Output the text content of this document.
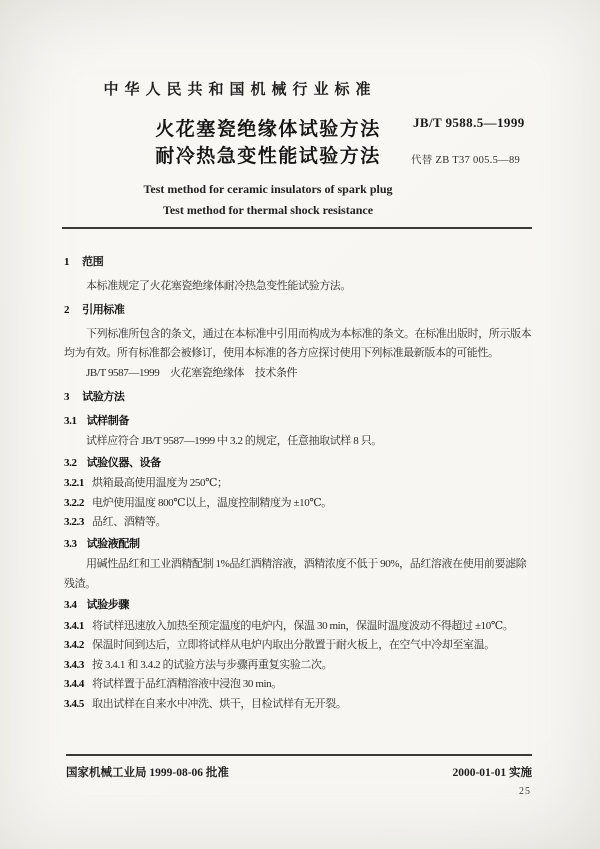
中华人民共和国机械行业标准
火花塞瓷绝缘体试验方法
耐冷热急变性能试验方法
JB/T 9588.5—1999
代替 ZB T37 005.5—89
Test method for ceramic insulators of spark plug
Test method for thermal shock resistance
1 范围
本标准规定了火花塞瓷绝缘体耐冷热急变性能试验方法。
2 引用标准
下列标准所包含的条文，通过在本标准中引用而构成为本标准的条文。在标准出版时，所示版本均为有效。所有标准都会被修订，使用本标准的各方应探讨使用下列标准最新版本的可能性。
JB/T 9587—1999　火花塞瓷绝缘体　技术条件
3 试验方法
3.1 试样制备
试样应符合 JB/T 9587—1999 中 3.2 的规定，任意抽取试样 8 只。
3.2 试验仪器、设备
3.2.1 烘箱最高使用温度为 250℃；
3.2.2 电炉使用温度 800℃以上，温度控制精度为 ±10℃。
3.2.3 品红、酒精等。
3.3 试验液配制
用碱性品红和工业酒精配制 1%品红酒精溶液，酒精浓度不低于 90%，品红溶液在使用前要滤除残渣。
3.4 试验步骤
3.4.1 将试样迅速放入加热至预定温度的电炉内，保温 30 min，保温时温度波动不得超过 ±10℃。
3.4.2 保温时间到达后，立即将试样从电炉内取出分散置于耐火板上，在空气中冷却至室温。
3.4.3 按 3.4.1 和 3.4.2 的试验方法与步骤再重复实验二次。
3.4.4 将试样置于品红酒精溶液中浸泡 30 min。
3.4.5 取出试样在自来水中冲洗、烘干，目检试样有无开裂。
国家机械工业局 1999-08-06 批准	2000-01-01 实施
25
